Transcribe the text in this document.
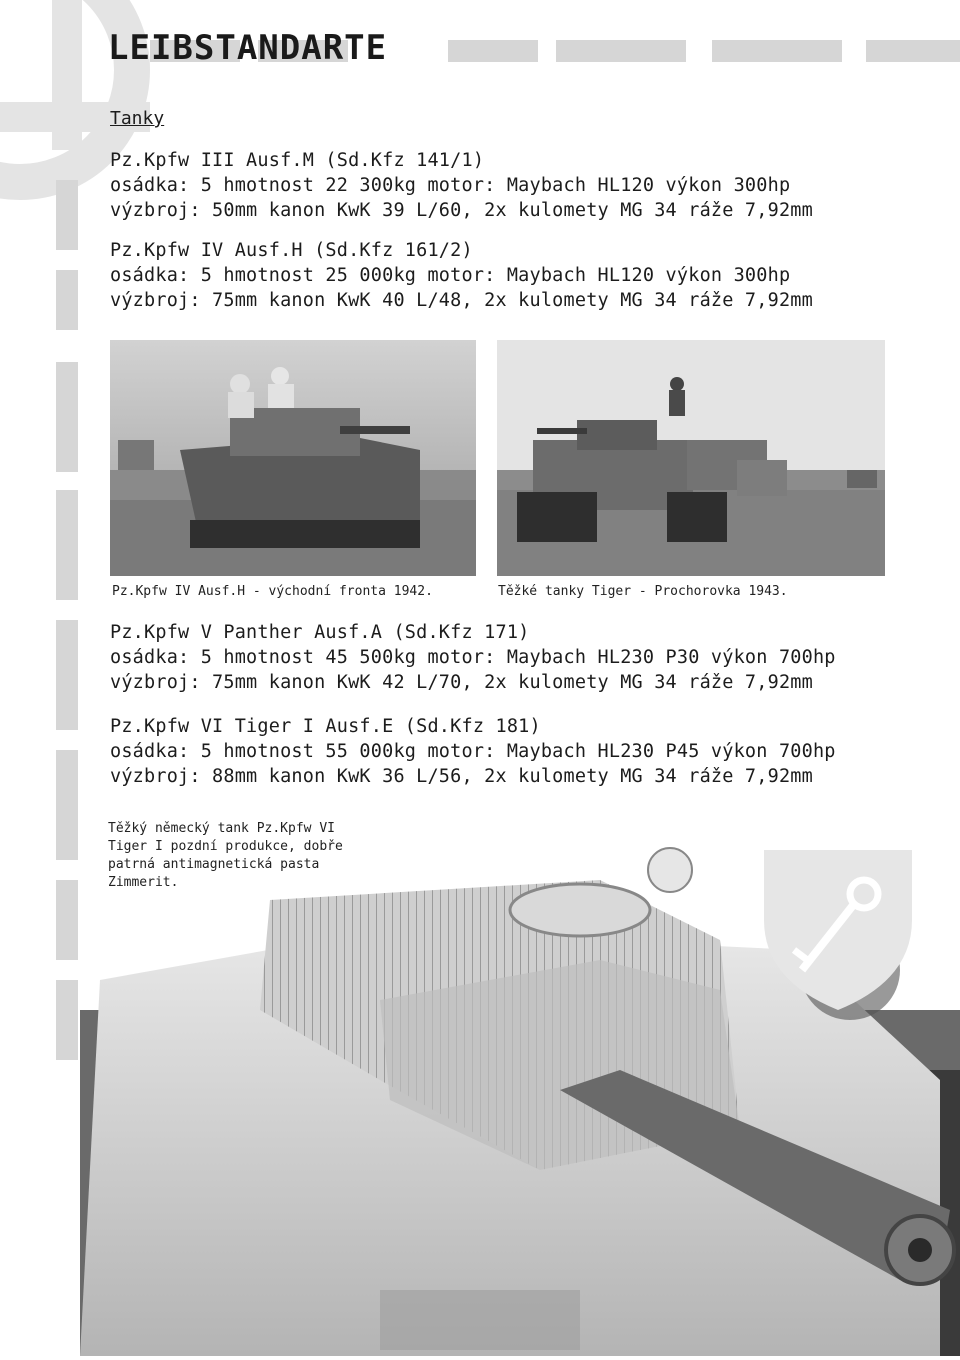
LEIBSTANDARTE
Tanky
Pz.Kpfw III Ausf.M (Sd.Kfz 141/1)
osádka: 5 hmotnost 22 300kg motor: Maybach HL120 výkon 300hp
výzbroj: 50mm kanon KwK 39 L/60, 2x kulomety MG 34 ráže 7,92mm
Pz.Kpfw IV Ausf.H (Sd.Kfz 161/2)
osádka: 5 hmotnost 25 000kg motor: Maybach HL120 výkon 300hp
výzbroj: 75mm kanon KwK 40 L/48, 2x kulomety MG 34 ráže 7,92mm
Pz.Kpfw IV Ausf.H - východní fronta 1942.	Těžké tanky Tiger - Prochorovka 1943.
Pz.Kpfw V Panther Ausf.A (Sd.Kfz 171)
osádka: 5 hmotnost 45 500kg motor: Maybach HL230 P30 výkon 700hp
výzbroj: 75mm kanon KwK 42 L/70, 2x kulomety MG 34 ráže 7,92mm
Pz.Kpfw VI Tiger I Ausf.E (Sd.Kfz 181)
osádka: 5 hmotnost 55 000kg motor: Maybach HL230 P45 výkon 700hp
výzbroj: 88mm kanon KwK 36 L/56, 2x kulomety MG 34 ráže 7,92mm
Těžký německý tank Pz.Kpfw VI Tiger I pozdní produkce, dobře patrná antimagnetická pasta Zimmerit.
